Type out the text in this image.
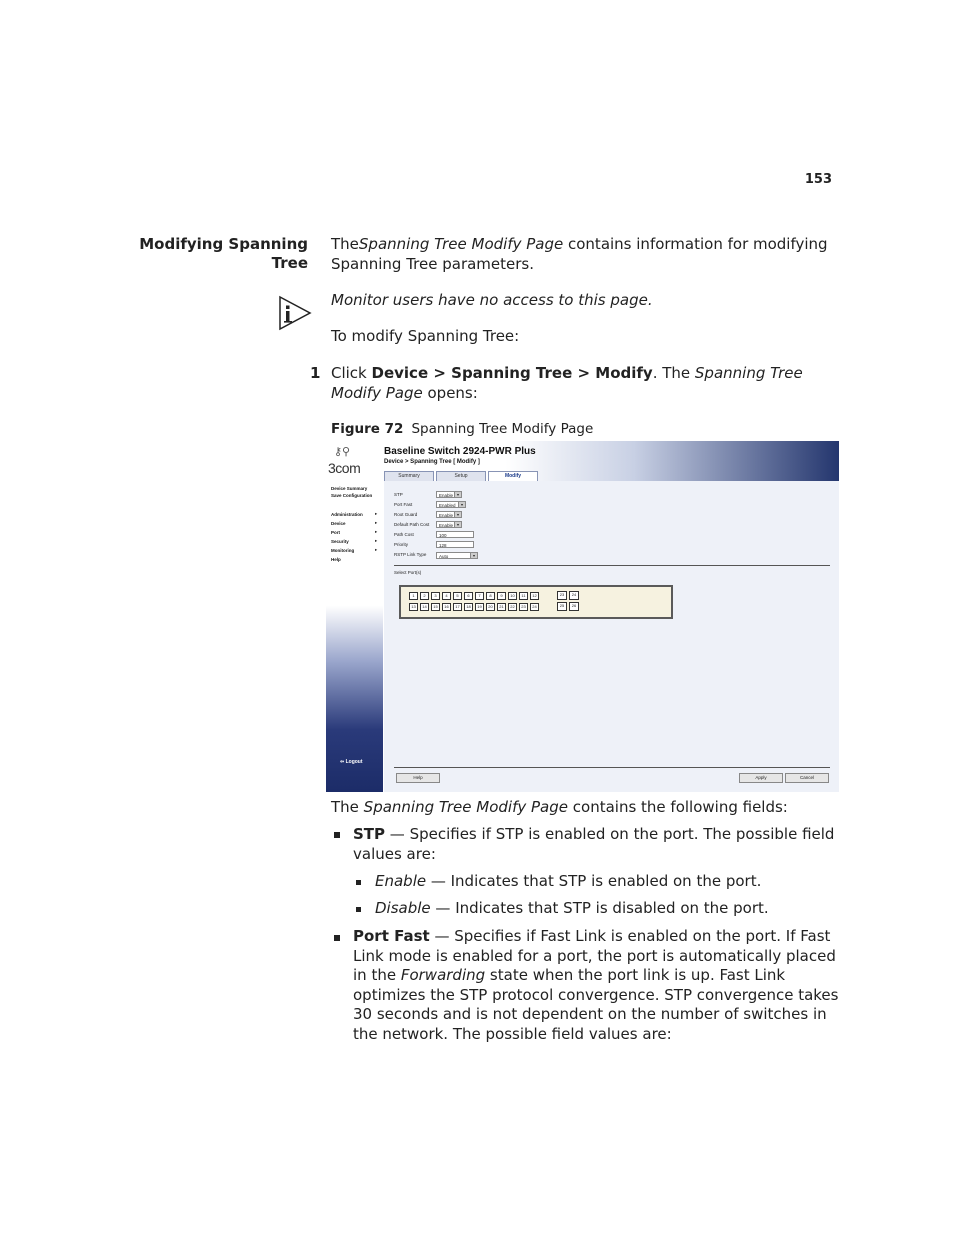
153
Modifying Spanning Tree
TheSpanning Tree Modify Page contains information for modifying Spanning Tree parameters.
Monitor users have no access to this page.
To modify Spanning Tree:
1 Click Device > Spanning Tree > Modify. The Spanning Tree Modify Page opens:
Figure 72 Spanning Tree Modify Page
⚷⚲
3com
Baseline Switch 2924-PWR Plus
Device > Spanning Tree [ Modify ]
Summary	Setup	Modify
Device Summary
Save Configuration
Administration	▸
Device	▸
Port	▸
Security	▸
Monitoring	▸
Help
⇦ Logout
STP	Enable ▾
Port Fast	Enabled	▾
Root Guard	Enable ▾
Default Path Cost	Enable ▾
Path Cost	100
Priority	128
RSTP Link Type	Auto	▾
Select Port(s)
1	2	3	4	5	6	7	8	9	10	11	12
13	14	15	16	17	18	19	20	21	22	23	24
23	24
25	26
Help	Apply	Cancel
The Spanning Tree Modify Page contains the following fields:
STP — Specifies if STP is enabled on the port. The possible field values are:
Enable — Indicates that STP is enabled on the port.
Disable — Indicates that STP is disabled on the port.
Port Fast — Specifies if Fast Link is enabled on the port. If Fast Link mode is enabled for a port, the port is automatically placed in the Forwarding state when the port link is up. Fast Link optimizes the STP protocol convergence. STP convergence takes 30 seconds and is not dependent on the number of switches in the network. The possible field values are:
